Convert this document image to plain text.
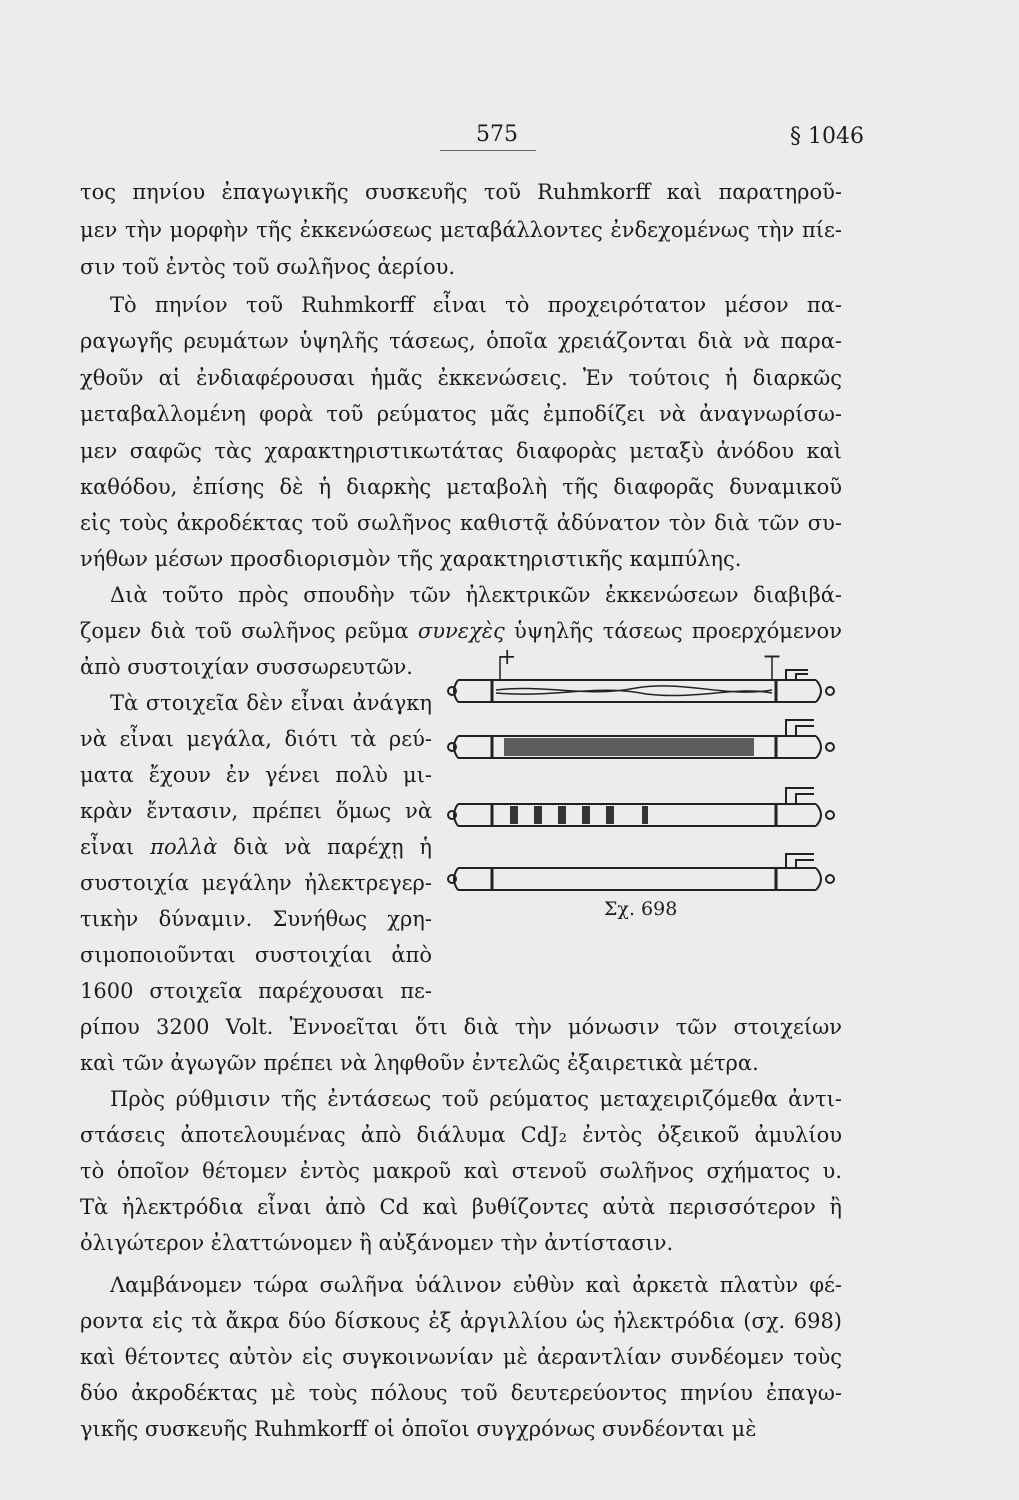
575	§ 1046
τος πηνίου ἐπαγωγικῆς συσκευῆς τοῦ Ruhmkorff καὶ παρατηροῦ-
μεν τὴν μορφὴν τῆς ἐκκενώσεως μεταβάλλοντες ἐνδεχομένως τὴν πίε-
σιν τοῦ ἐντὸς τοῦ σωλῆνος ἀερίου.
Τὸ πηνίον τοῦ Ruhmkorff εἶναι τὸ προχειρότατον μέσον πα-
ραγωγῆς ρευμάτων ὑψηλῆς τάσεως, ὁποῖα χρειάζονται διὰ νὰ παρα-
χθοῦν αἱ ἐνδιαφέρουσαι ἡμᾶς ἐκκενώσεις. Ἐν τούτοις ἡ διαρκῶς
μεταβαλλομένη φορὰ τοῦ ρεύματος μᾶς ἐμποδίζει νὰ ἀναγνωρίσω-
μεν σαφῶς τὰς χαρακτηριστικωτάτας διαφορὰς μεταξὺ ἀνόδου καὶ
καθόδου, ἐπίσης δὲ ἡ διαρκὴς μεταβολὴ τῆς διαφορᾶς δυναμικοῦ
εἰς τοὺς ἀκροδέκτας τοῦ σωλῆνος καθιστᾷ ἀδύνατον τὸν διὰ τῶν συ-
νήθων μέσων προσδιορισμὸν τῆς χαρακτηριστικῆς καμπύλης.
Διὰ τοῦτο πρὸς σπουδὴν τῶν ἠλεκτρικῶν ἐκκενώσεων διαβιβά-
ζομεν διὰ τοῦ σωλῆνος ρεῦμα συνεχὲς ὑψηλῆς τάσεως προερχόμενον
ἀπὸ συστοιχίαν συσσωρευτῶν.
Τὰ στοιχεῖα δὲν εἶναι ἀνάγκη
νὰ εἶναι μεγάλα, διότι τὰ ρεύ-
ματα ἔχουν ἐν γένει πολὺ μι-
κρὰν ἔντασιν, πρέπει ὅμως νὰ
εἶναι πολλὰ διὰ νὰ παρέχῃ ἡ
συστοιχία μεγάλην ἠλεκτρεγερ-
τικὴν δύναμιν. Συνήθως χρη-
σιμοποιοῦνται συστοιχίαι ἀπὸ
1600 στοιχεῖα παρέχουσαι πε-
ρίπου 3200 Volt. Ἐννοεῖται ὅτι διὰ τὴν μόνωσιν τῶν στοιχείων
καὶ τῶν ἀγωγῶν πρέπει νὰ ληφθοῦν ἐντελῶς ἐξαιρετικὰ μέτρα.
Πρὸς ρύθμισιν τῆς ἐντάσεως τοῦ ρεύματος μεταχειριζόμεθα ἀντι-
στάσεις ἀποτελουμένας ἀπὸ διάλυμα CdJ₂ ἐντὸς ὀξεικοῦ ἀμυλίου
τὸ ὁποῖον θέτομεν ἐντὸς μακροῦ καὶ στενοῦ σωλῆνος σχήματος υ.
Τὰ ἠλεκτρόδια εἶναι ἀπὸ Cd καὶ βυθίζοντες αὐτὰ περισσότερον ἢ
ὀλιγώτερον ἐλαττώνομεν ἢ αὐξάνομεν τὴν ἀντίστασιν.
Λαμβάνομεν τώρα σωλῆνα ὑάλινον εὐθὺν καὶ ἀρκετὰ πλατὺν φέ-
ροντα εἰς τὰ ἄκρα δύο δίσκους ἐξ ἀργιλλίου ὡς ἠλεκτρόδια (σχ. 698)
καὶ θέτοντες αὐτὸν εἰς συγκοινωνίαν μὲ ἀεραντλίαν συνδέομεν τοὺς
δύο ἀκροδέκτας μὲ τοὺς πόλους τοῦ δευτερεύοντος πηνίου ἐπαγω-
γικῆς συσκευῆς Ruhmkorff οἱ ὁποῖοι συγχρόνως συνδέονται μὲ
+	−
Σχ. 698
